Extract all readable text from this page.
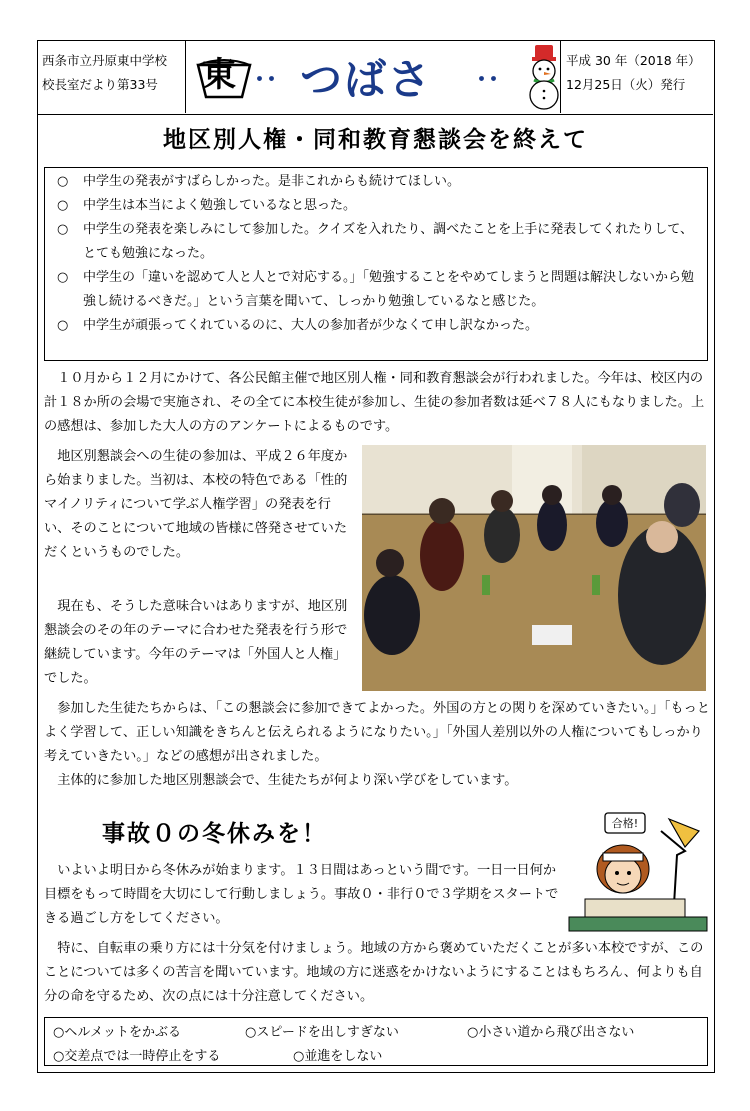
西条市立丹原東中学校
校長室だより第33号	東 ･･ つばさ ･･
平成 30 年（2018 年）
12月25日（火）発行
地区別人権・同和教育懇談会を終えて
○ 中学生の発表がすばらしかった。是非これからも続けてほしい。
○ 中学生は本当によく勉強しているなと思った。
○ 中学生の発表を楽しみにして参加した。クイズを入れたり、調べたことを上手に発表してくれたりして、とても勉強になった。
○ 中学生の「違いを認めて人と人とで対応する。」「勉強することをやめてしまうと問題は解決しないから勉強し続けるべきだ。」という言葉を聞いて、しっかり勉強しているなと感じた。
○ 中学生が頑張ってくれているのに、大人の参加者が少なくて申し訳なかった。

１０月から１２月にかけて、各公民館主催で地区別人権・同和教育懇談会が行われました。今年は、校区内の計１８か所の会場で実施され、その全てに本校生徒が参加し、生徒の参加者数は延べ７８人にもなりました。上の感想は、参加した大人の方のアンケートによるものです。

地区別懇談会への生徒の参加は、平成２６年度から始まりました。当初は、本校の特色である「性的マイノリティについて学ぶ人権学習」の発表を行い、そのことについて地域の皆様に啓発させていただくというものでした。

現在も、そうした意味合いはありますが、地区別懇談会のその年のテーマに合わせた発表を行う形で継続しています。今年のテーマは「外国人と人権」でした。

参加した生徒たちからは、「この懇談会に参加できてよかった。外国の方との関りを深めていきたい。」「もっとよく学習して、正しい知識をきちんと伝えられるようになりたい。」「外国人差別以外の人権についてもしっかり考えていきたい。」などの感想が出されました。

主体的に参加した地区別懇談会で、生徒たちが何より深い学びをしています。

事故０の冬休みを！	合格!

いよいよ明日から冬休みが始まります。１３日間はあっという間です。一日一日何か目標をもって時間を大切にして行動しましょう。事故０・非行０で３学期をスタートできる過ごし方をしてください。

特に、自転車の乗り方には十分気を付けましょう。地域の方から褒めていただくことが多い本校ですが、このことについては多くの苦言を聞いています。地域の方に迷惑をかけないようにすることはもちろん、何よりも自分の命を守るため、次の点には十分注意してください。

○ヘルメットをかぶる	○スピードを出しすぎない	○小さい道から飛び出さない
○交差点では一時停止をする	○並進をしない
